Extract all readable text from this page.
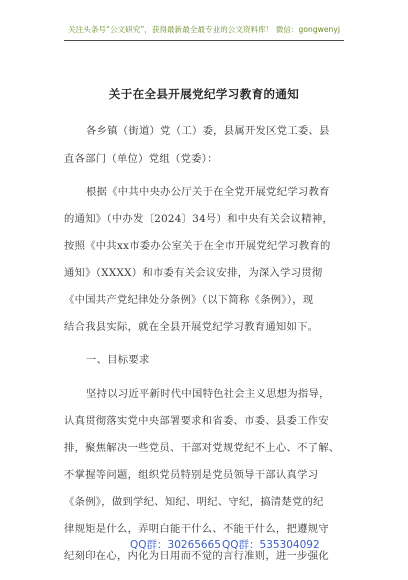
关注头条号“公文研究”，获得最新最全最专业的公文资料库！ 微信：gongwenyj
关于在全县开展党纪学习教育的通知
各乡镇（街道）党（工）委，县属开发区党工委、县
直各部门（单位）党组（党委）：
根据《中共中央办公厅关于在全党开展党纪学习教育
的通知》（中办发〔2024〕34号）和中央有关会议精神，
按照《中共xx市委办公室关于在全市开展党纪学习教育的
通知》（XXXX）和市委有关会议安排，为深入学习贯彻
《中国共产党纪律处分条例》（以下简称《条例》），现
结合我县实际，就在全县开展党纪学习教育通知如下。
一、目标要求
坚持以习近平新时代中国特色社会主义思想为指导，
认真贯彻落实党中央部署要求和省委、市委、县委工作安
排，聚焦解决一些党员、干部对党规党纪不上心、不了解、
不掌握等问题，组织党员特别是党员领导干部认真学习
《条例》，做到学纪、知纪、明纪、守纪，搞清楚党的纪
律规矩是什么，弄明白能干什么、不能干什么，把遵规守
纪刻印在心，内化为日用而不觉的言行准则，进一步强化
QQ群：30265665 QQ群：535304092
